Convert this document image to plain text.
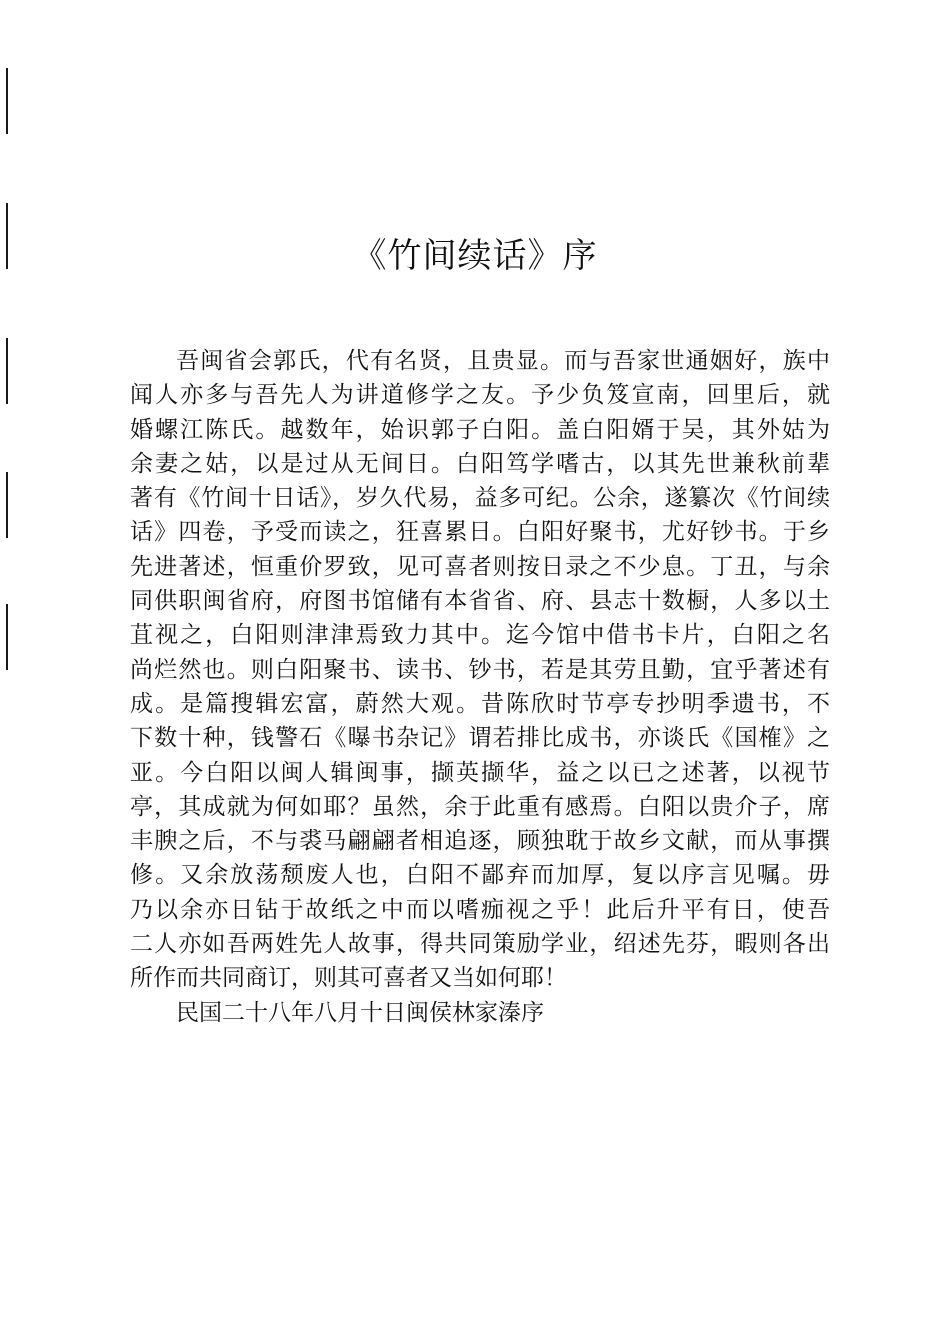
《竹间续话》序
吾闽省会郭氏，代有名贤，且贵显。而与吾家世通姻好，族中
闻人亦多与吾先人为讲道修学之友。予少负笈宣南，回里后，就
婚螺江陈氏。越数年，始识郭子白阳。盖白阳婿于吴，其外姑为
余妻之姑，以是过从无间日。白阳笃学嗜古，以其先世兼秋前辈
著有《竹间十日话》，岁久代易，益多可纪。公余，遂纂次《竹间续
话》四卷，予受而读之，狂喜累日。白阳好聚书，尤好钞书。于乡
先进著述，恒重价罗致，见可喜者则按日录之不少息。丁丑，与余
同供职闽省府，府图书馆储有本省省、府、县志十数橱，人多以土
苴视之，白阳则津津焉致力其中。迄今馆中借书卡片，白阳之名
尚烂然也。则白阳聚书、读书、钞书，若是其劳且勤，宜乎著述有
成。是篇搜辑宏富，蔚然大观。昔陈欣时节亭专抄明季遗书，不
下数十种，钱警石《曝书杂记》谓若排比成书，亦谈氏《国榷》之
亚。今白阳以闽人辑闽事，撷英撷华，益之以已之述著，以视节
亭，其成就为何如耶？虽然，余于此重有感焉。白阳以贵介子，席
丰腴之后，不与裘马翩翩者相追逐，顾独耽于故乡文献，而从事撰
修。又余放荡颓废人也，白阳不鄙弃而加厚，复以序言见嘱。毋
乃以余亦日钻于故纸之中而以嗜痂视之乎！此后升平有日，使吾
二人亦如吾两姓先人故事，得共同策励学业，绍述先芬，暇则各出
所作而共同商订，则其可喜者又当如何耶！
民国二十八年八月十日闽侯林家溱序
